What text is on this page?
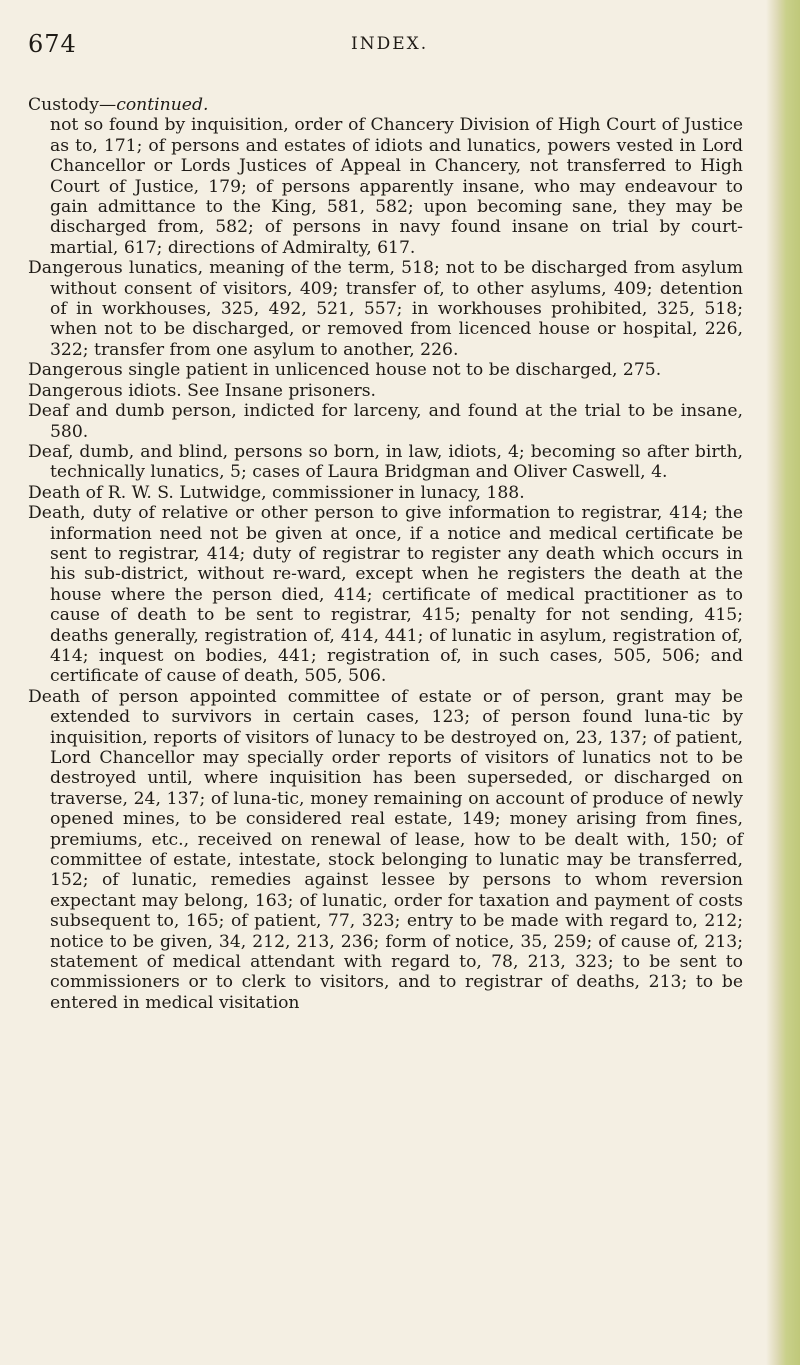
674	INDEX.

Custody—continued.

not so found by inquisition, order of Chancery Division of High Court of Justice as to, 171; of persons and estates of idiots and lunatics, powers vested in Lord Chancellor or Lords Justices of Appeal in Chancery, not transferred to High Court of Justice, 179; of persons apparently insane, who may endeavour to gain admittance to the King, 581, 582; upon becoming sane, they may be discharged from, 582; of persons in navy found insane on trial by court-martial, 617; directions of Admiralty, 617.

Dangerous lunatics, meaning of the term, 518; not to be discharged from asylum without consent of visitors, 409; transfer of, to other asylums, 409; detention of in workhouses, 325, 492, 521, 557; in workhouses prohibited, 325, 518; when not to be discharged, or removed from licenced house or hospital, 226, 322; transfer from one asylum to another, 226.

Dangerous single patient in unlicenced house not to be discharged, 275.

Dangerous idiots. See Insane prisoners.

Deaf and dumb person, indicted for larceny, and found at the trial to be insane, 580.

Deaf, dumb, and blind, persons so born, in law, idiots, 4; becoming so after birth, technically lunatics, 5; cases of Laura Bridgman and Oliver Caswell, 4.

Death of R. W. S. Lutwidge, commissioner in lunacy, 188.

Death, duty of relative or other person to give information to registrar, 414; the information need not be given at once, if a notice and medical certificate be sent to registrar, 414; duty of registrar to register any death which occurs in his sub-district, without re-ward, except when he registers the death at the house where the person died, 414; certificate of medical practitioner as to cause of death to be sent to registrar, 415; penalty for not sending, 415; deaths generally, registration of, 414, 441; of lunatic in asylum, registration of, 414; inquest on bodies, 441; registration of, in such cases, 505, 506; and certificate of cause of death, 505, 506.

Death of person appointed committee of estate or of person, grant may be extended to survivors in certain cases, 123; of person found luna-tic by inquisition, reports of visitors of lunacy to be destroyed on, 23, 137; of patient, Lord Chancellor may specially order reports of visitors of lunatics not to be destroyed until, where inquisition has been superseded, or discharged on traverse, 24, 137; of luna-tic, money remaining on account of produce of newly opened mines, to be considered real estate, 149; money arising from fines, premiums, etc., received on renewal of lease, how to be dealt with, 150; of committee of estate, intestate, stock belonging to lunatic may be transferred, 152; of lunatic, remedies against lessee by persons to whom reversion expectant may belong, 163; of lunatic, order for taxation and payment of costs subsequent to, 165; of patient, 77, 323; entry to be made with regard to, 212; notice to be given, 34, 212, 213, 236; form of notice, 35, 259; of cause of, 213; statement of medical attendant with regard to, 78, 213, 323; to be sent to commissioners or to clerk to visitors, and to registrar of deaths, 213; to be entered in medical visitation
